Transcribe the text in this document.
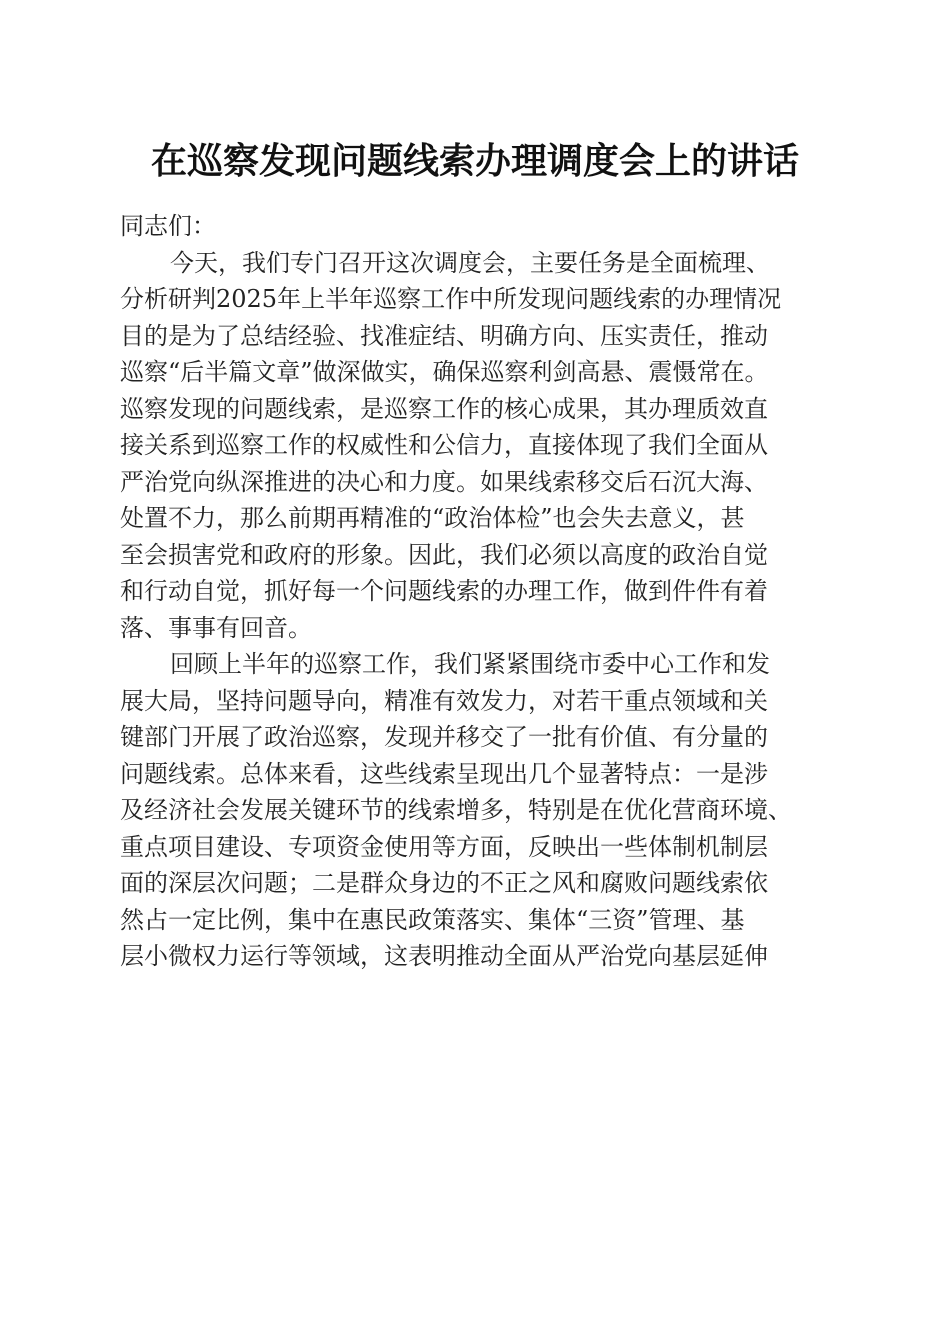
在巡察发现问题线索办理调度会上的讲话
同志们：
今天，我们专门召开这次调度会，主要任务是全面梳理、
分析研判2025年上半年巡察工作中所发现问题线索的办理情况
目的是为了总结经验、找准症结、明确方向、压实责任，推动
巡察“后半篇文章”做深做实，确保巡察利剑高悬、震慑常在。
巡察发现的问题线索，是巡察工作的核心成果，其办理质效直
接关系到巡察工作的权威性和公信力，直接体现了我们全面从
严治党向纵深推进的决心和力度。如果线索移交后石沉大海、
处置不力，那么前期再精准的“政治体检”也会失去意义，甚
至会损害党和政府的形象。因此，我们必须以高度的政治自觉
和行动自觉，抓好每一个问题线索的办理工作，做到件件有着
落、事事有回音。
回顾上半年的巡察工作，我们紧紧围绕市委中心工作和发
展大局，坚持问题导向，精准有效发力，对若干重点领域和关
键部门开展了政治巡察，发现并移交了一批有价值、有分量的
问题线索。总体来看，这些线索呈现出几个显著特点：一是涉
及经济社会发展关键环节的线索增多，特别是在优化营商环境、
重点项目建设、专项资金使用等方面，反映出一些体制机制层
面的深层次问题；二是群众身边的不正之风和腐败问题线索依
然占一定比例，集中在惠民政策落实、集体“三资”管理、基
层小微权力运行等领域，这表明推动全面从严治党向基层延伸
